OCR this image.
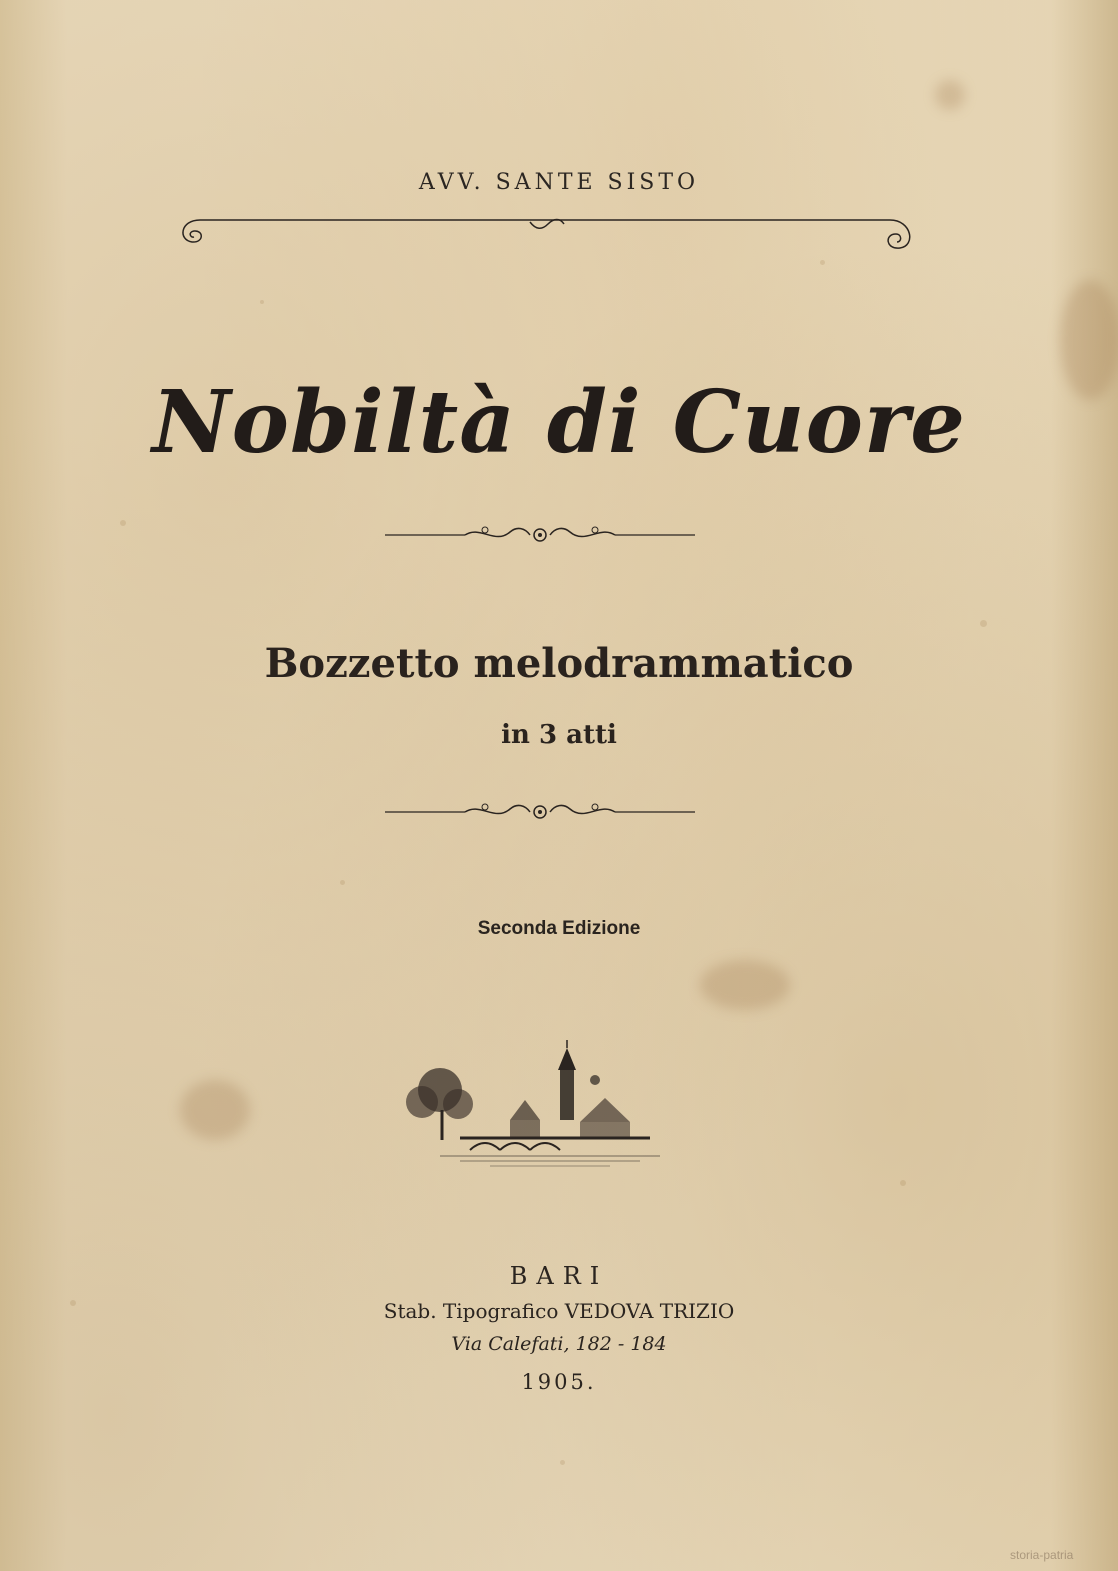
AVV. SANTE SISTO
Nobiltà di Cuore
Bozzetto melodrammatico
in 3 atti
Seconda Edizione
BARI
Stab. Tipografico VEDOVA TRIZIO
Via Calefati, 182 - 184
1905.
storia-patria
